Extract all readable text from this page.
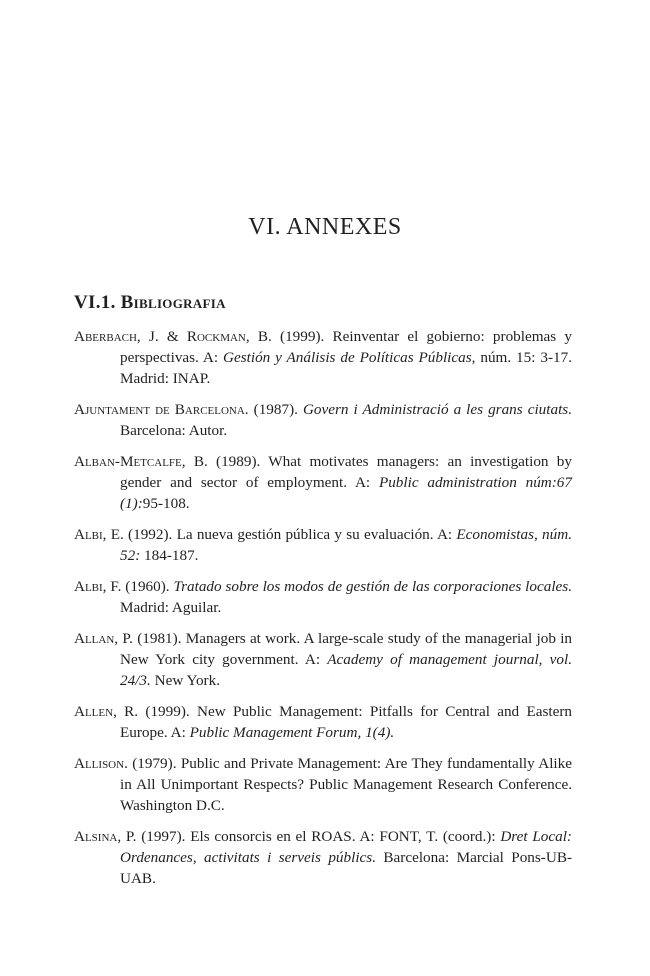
VI. ANNEXES
VI.1. Bibliografia

Aberbach, J. & Rockman, B. (1999). Reinventar el gobierno: problemas y perspectivas. A: Gestión y Análisis de Políticas Públicas, núm. 15: 3-17. Madrid: INAP.

Ajuntament de Barcelona. (1987). Govern i Administració a les grans ciutats. Barcelona: Autor.

Alban-Metcalfe, B. (1989). What motivates managers: an investigation by gender and sector of employment. A: Public administration núm:67 (1):95-108.

Albi, E. (1992). La nueva gestión pública y su evaluación. A: Economistas, núm. 52: 184-187.

Albi, F. (1960). Tratado sobre los modos de gestión de las corporaciones locales. Madrid: Aguilar.

Allan, P. (1981). Managers at work. A large-scale study of the managerial job in New York city government. A: Academy of management journal, vol. 24/3. New York.

Allen, R. (1999). New Public Management: Pitfalls for Central and Eastern Europe. A: Public Management Forum, 1(4).

Allison. (1979). Public and Private Management: Are They fundamentally Alike in All Unimportant Respects? Public Management Research Conference. Washington D.C.

Alsina, P. (1997). Els consorcis en el ROAS. A: FONT, T. (coord.): Dret Local: Ordenances, activitats i serveis públics. Barcelona: Marcial Pons-UB-UAB.
